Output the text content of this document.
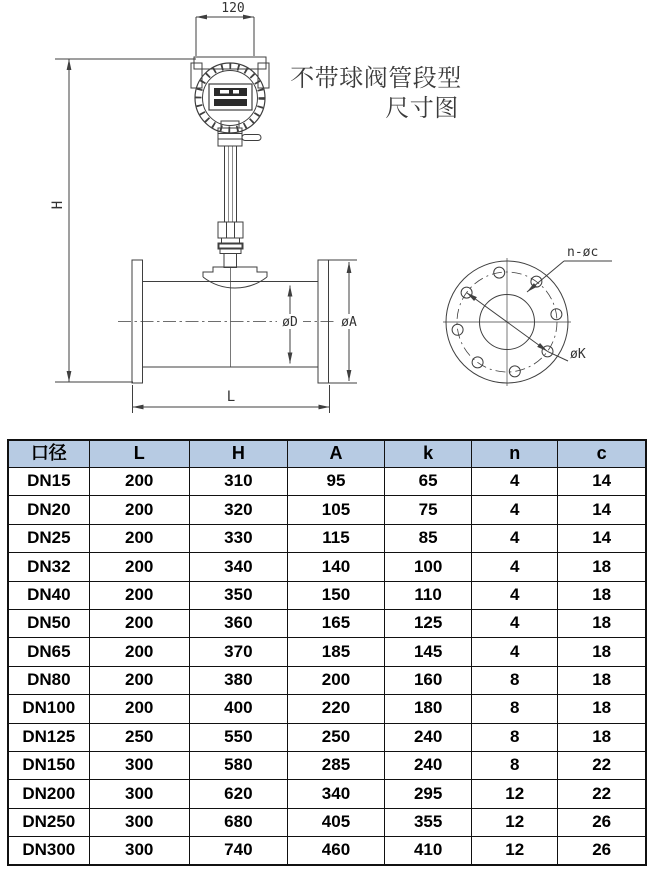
不带球阀管段型
尺寸图
120
H
øD	øA
L
øK
n-øc
口径	L	H	A	k	n	c
DN15	200	310	95	65	4	14
DN20	200	320	105	75	4	14
DN25	200	330	115	85	4	14
DN32	200	340	140	100	4	18
DN40	200	350	150	110	4	18
DN50	200	360	165	125	4	18
DN65	200	370	185	145	4	18
DN80	200	380	200	160	8	18
DN100	200	400	220	180	8	18
DN125	250	550	250	240	8	18
DN150	300	580	285	240	8	22
DN200	300	620	340	295	12	22
DN250	300	680	405	355	12	26
DN300	300	740	460	410	12	26
